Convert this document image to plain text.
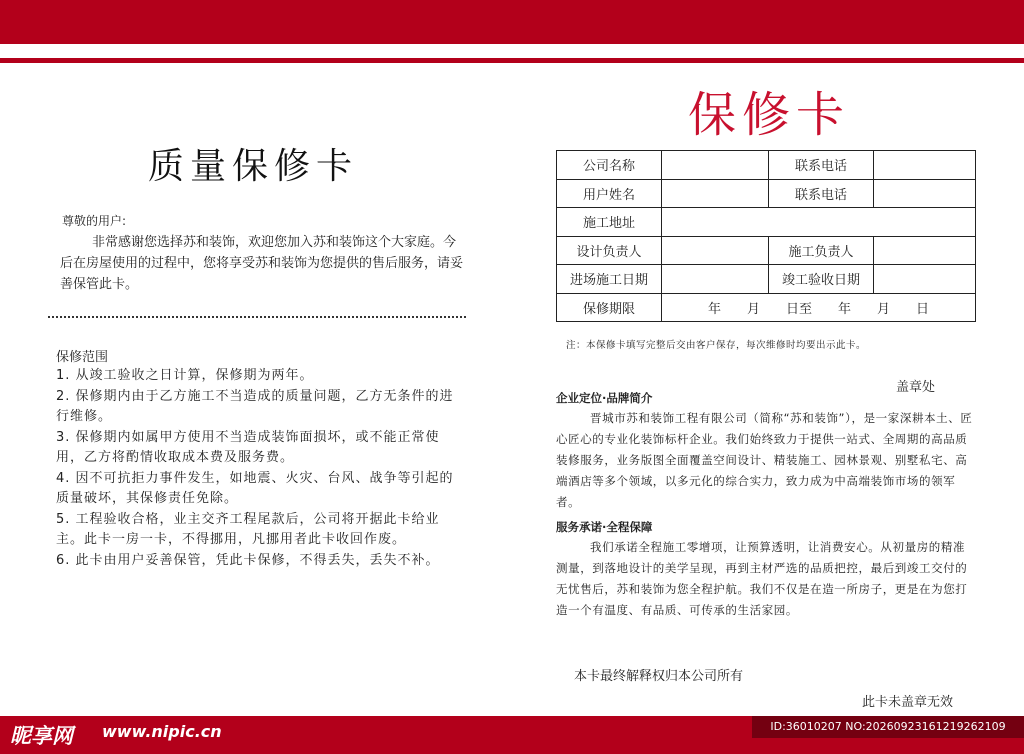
质量保修卡
尊敬的用户:

非常感谢您选择苏和装饰，欢迎您加入苏和装饰这个大家庭。今后在房屋使用的过程中，您将享受苏和装饰为您提供的售后服务，请妥善保管此卡。

保修范围
1. 从竣工验收之日计算，保修期为两年。
2. 保修期内由于乙方施工不当造成的质量问题，乙方无条件的进行维修。
3. 保修期内如属甲方使用不当造成装饰面损坏，或不能正常使用，乙方将酌情收取成本费及服务费。
4. 因不可抗拒力事件发生，如地震、火灾、台风、战争等引起的质量破坏，其保修责任免除。
5. 工程验收合格，业主交齐工程尾款后，公司将开据此卡给业主。此卡一房一卡，不得挪用，凡挪用者此卡收回作废。
6. 此卡由用户妥善保管，凭此卡保修，不得丢失，丢失不补。
保修卡
公司名称		联系电话	
用户姓名		联系电话	
施工地址			
设计负责人		施工负责人	
进场施工日期		竣工验收日期	
保修期限	年　　月　　日至　　年　　月　　日		
注：本保修卡填写完整后交由客户保存，每次维修时均要出示此卡。
盖章处
企业定位·品牌简介

晋城市苏和装饰工程有限公司（简称“苏和装饰”），是一家深耕本土、匠心匠心的专业化装饰标杆企业。我们始终致力于提供一站式、全周期的高品质装修服务，业务版图全面覆盖空间设计、精装施工、园林景观、别墅私宅、高端酒店等多个领域，以多元化的综合实力，致力成为中高端装饰市场的领军者。

服务承诺·全程保障

我们承诺全程施工零增项，让预算透明，让消费安心。从初量房的精准测量，到落地设计的美学呈现，再到主材严选的品质把控，最后到竣工交付的无忧售后，苏和装饰为您全程护航。我们不仅是在造一所房子，更是在为您打造一个有温度、有品质、可传承的生活家园。

本卡最终解释权归本公司所有
此卡未盖章无效
昵享网 www.nipic.cn	ID:36010207 NO:20260923161219262109
